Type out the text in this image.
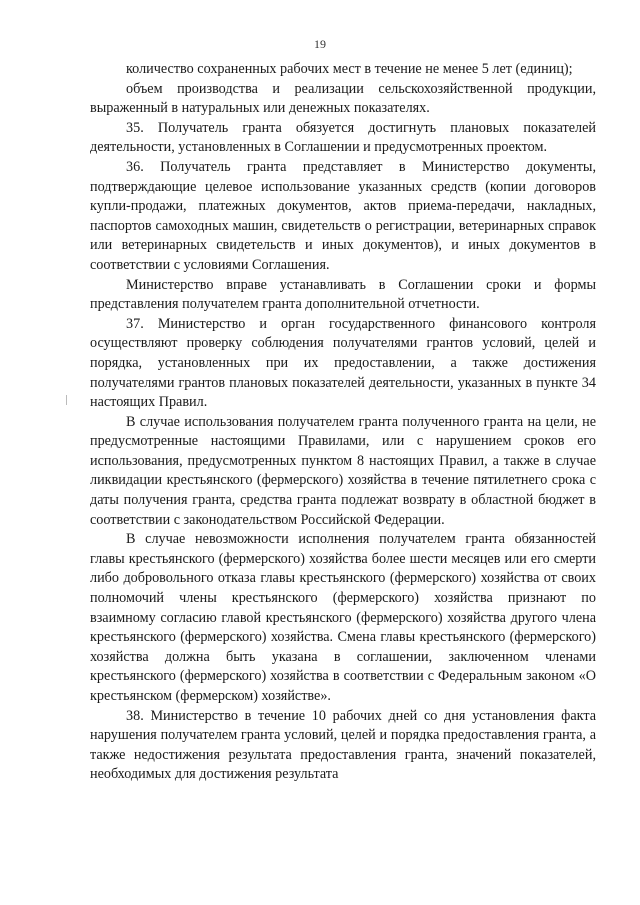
19

количество сохраненных рабочих мест в течение не менее 5 лет (единиц);

объем производства и реализации сельскохозяйственной продукции, выраженный в натуральных или денежных показателях.

35. Получатель гранта обязуется достигнуть плановых показателей деятельности, установленных в Соглашении и предусмотренных проектом.

36. Получатель гранта представляет в Министерство документы, подтверждающие целевое использование указанных средств (копии договоров купли-продажи, платежных документов, актов приема-передачи, накладных, паспортов самоходных машин, свидетельств о регистрации, ветеринарных справок или ветеринарных свидетельств и иных документов), и иных документов в соответствии с условиями Соглашения.

Министерство вправе устанавливать в Соглашении сроки и формы представления получателем гранта дополнительной отчетности.

37. Министерство и орган государственного финансового контроля осуществляют проверку соблюдения получателями грантов условий, целей и порядка, установленных при их предоставлении, а также достижения получателями грантов плановых показателей деятельности, указанных в пункте 34 настоящих Правил.

В случае использования получателем гранта полученного гранта на цели, не предусмотренные настоящими Правилами, или с нарушением сроков его использования, предусмотренных пунктом 8 настоящих Правил, а также в случае ликвидации крестьянского (фермерского) хозяйства в течение пятилетнего срока с даты получения гранта, средства гранта подлежат возврату в областной бюджет в соответствии с законодательством Российской Федерации.

В случае невозможности исполнения получателем гранта обязанностей главы крестьянского (фермерского) хозяйства более шести месяцев или его смерти либо добровольного отказа главы крестьянского (фермерского) хозяйства от своих полномочий члены крестьянского (фермерского) хозяйства признают по взаимному согласию главой крестьянского (фермерского) хозяйства другого члена крестьянского (фермерского) хозяйства. Смена главы крестьянского (фермерского) хозяйства должна быть указана в соглашении, заключенном членами крестьянского (фермерского) хозяйства в соответствии с Федеральным законом «О крестьянском (фермерском) хозяйстве».

38. Министерство в течение 10 рабочих дней со дня установления факта нарушения получателем гранта условий, целей и порядка предоставления гранта, а также недостижения результата предоставления гранта, значений показателей, необходимых для достижения результата
